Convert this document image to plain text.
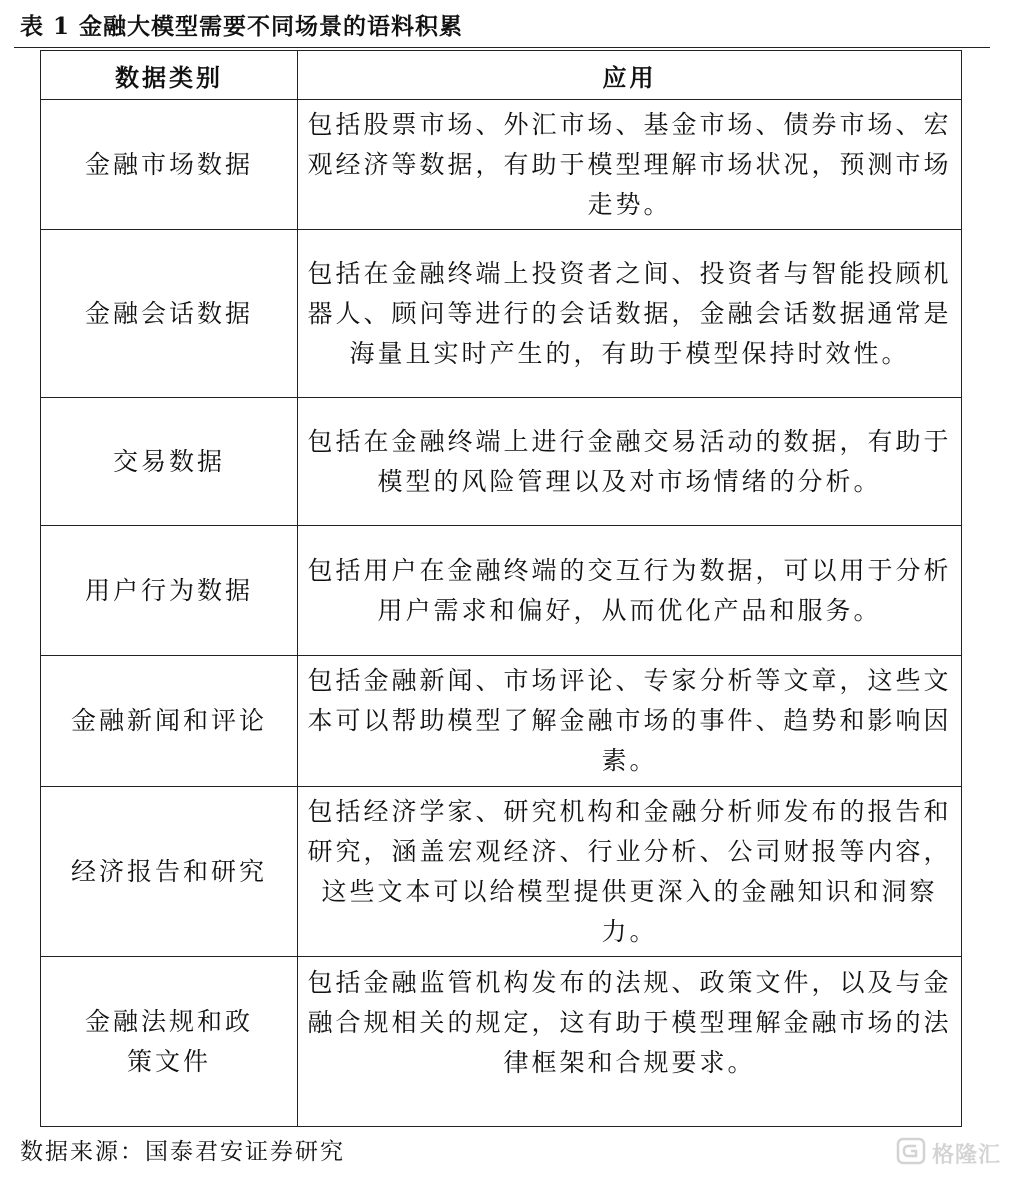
表 1 金融大模型需要不同场景的语料积累
数据类别	应用
金融市场数据	包括股票市场、外汇市场、基金市场、债券市场、宏观经济等数据，有助于模型理解市场状况，预测市场走势。
金融会话数据	包括在金融终端上投资者之间、投资者与智能投顾机器人、顾问等进行的会话数据，金融会话数据通常是海量且实时产生的，有助于模型保持时效性。
交易数据	包括在金融终端上进行金融交易活动的数据，有助于模型的风险管理以及对市场情绪的分析。
用户行为数据	包括用户在金融终端的交互行为数据，可以用于分析用户需求和偏好，从而优化产品和服务。
金融新闻和评论	包括金融新闻、市场评论、专家分析等文章，这些文本可以帮助模型了解金融市场的事件、趋势和影响因素。
经济报告和研究	包括经济学家、研究机构和金融分析师发布的报告和研究，涵盖宏观经济、行业分析、公司财报等内容，这些文本可以给模型提供更深入的金融知识和洞察力。
金融法规和政策文件	包括金融监管机构发布的法规、政策文件，以及与金融合规相关的规定，这有助于模型理解金融市场的法律框架和合规要求。
数据来源：国泰君安证券研究	格隆汇
